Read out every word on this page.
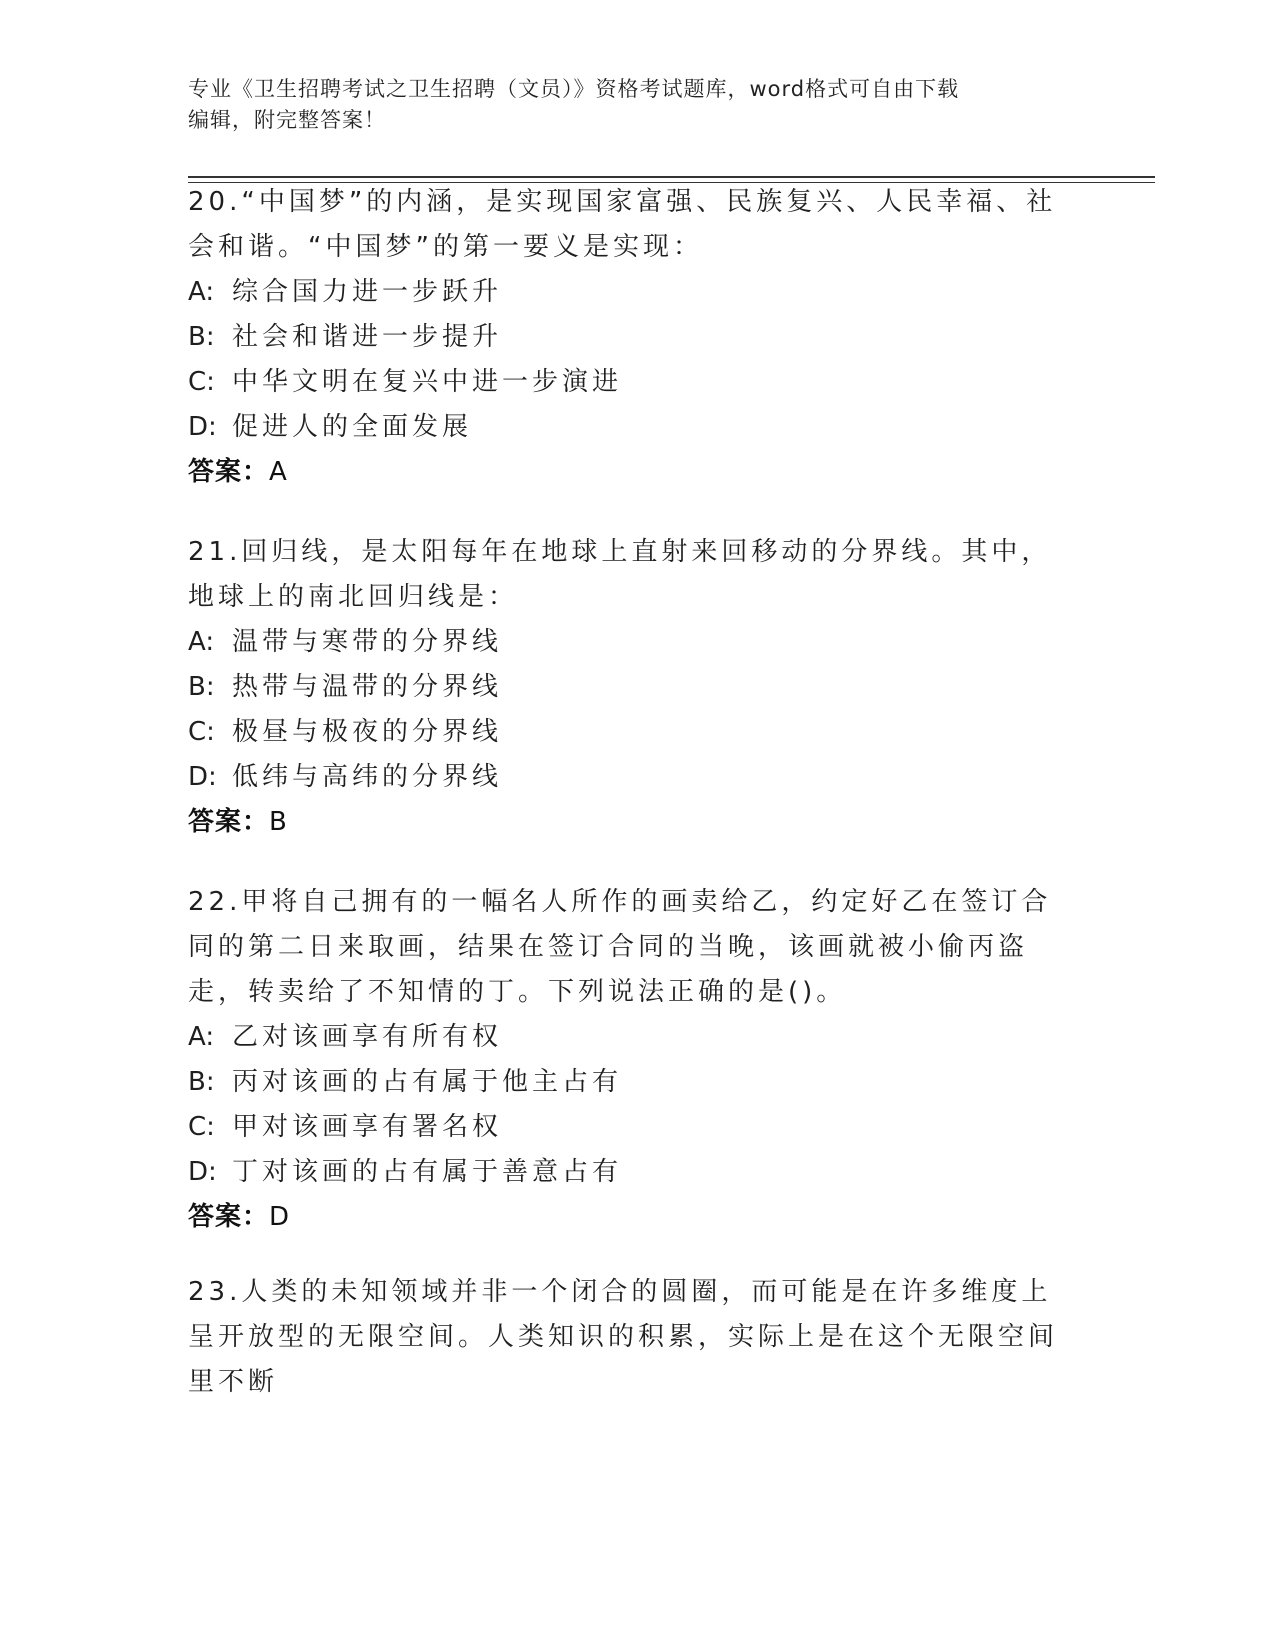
专业《卫生招聘考试之卫生招聘（文员）》资格考试题库，word格式可自由下载
编辑，附完整答案！

20.“中国梦”的内涵，是实现国家富强、民族复兴、人民幸福、社会和谐。“中国梦”的第一要义是实现：

A: 综合国力进一步跃升

B: 社会和谐进一步提升

C: 中华文明在复兴中进一步演进

D: 促进人的全面发展

答案：A

21.回归线，是太阳每年在地球上直射来回移动的分界线。其中，地球上的南北回归线是：

A: 温带与寒带的分界线

B: 热带与温带的分界线

C: 极昼与极夜的分界线

D: 低纬与高纬的分界线

答案：B

22.甲将自己拥有的一幅名人所作的画卖给乙，约定好乙在签订合同的第二日来取画，结果在签订合同的当晚，该画就被小偷丙盗走，转卖给了不知情的丁。下列说法正确的是()。

A: 乙对该画享有所有权

B: 丙对该画的占有属于他主占有

C: 甲对该画享有署名权

D: 丁对该画的占有属于善意占有

答案：D

23.人类的未知领域并非一个闭合的圆圈，而可能是在许多维度上呈开放型的无限空间。人类知识的积累，实际上是在这个无限空间里不断
